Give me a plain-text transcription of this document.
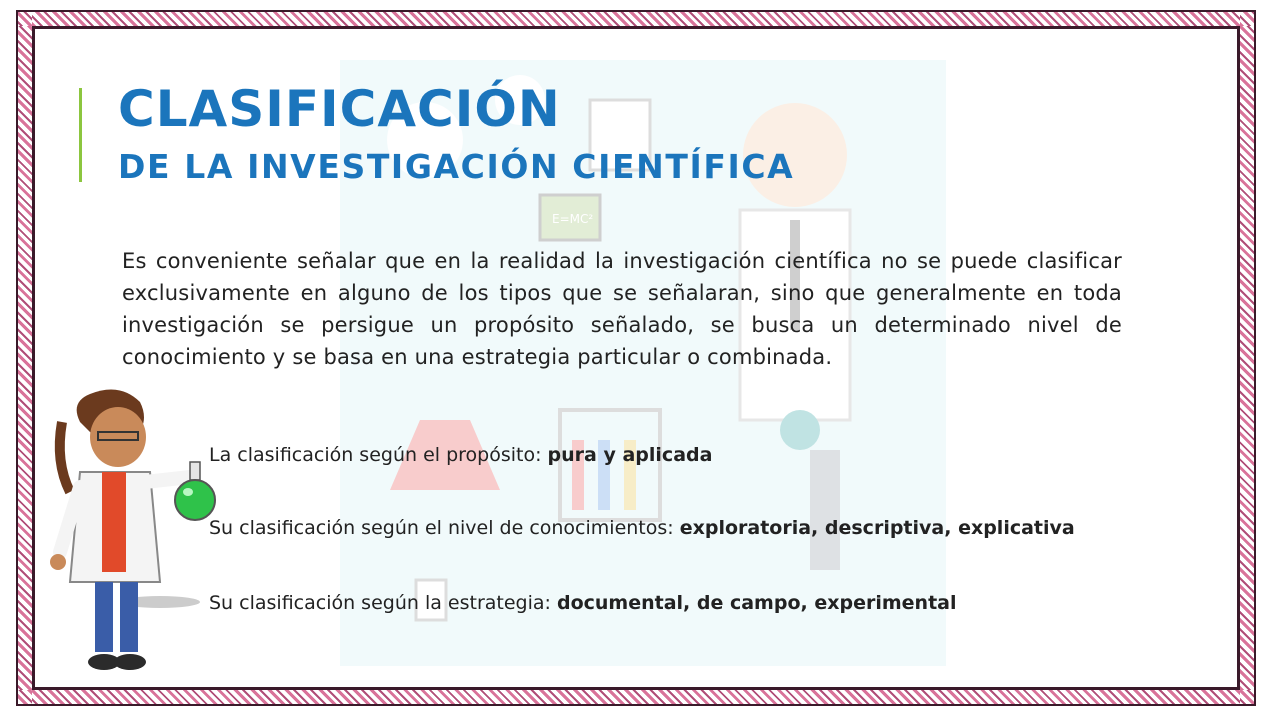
E=MC²
CLASIFICACIÓN
DE LA INVESTIGACIÓN CIENTÍFICA
Es conveniente señalar que en la realidad la investigación científica no se puede clasificar exclusivamente en alguno de los tipos que se señalaran, sino que generalmente en toda investigación se persigue un propósito señalado, se busca un determinado nivel de conocimiento y se basa en una estrategia particular o combinada.
La clasificación según el propósito: pura y aplicada
Su clasificación según el nivel de conocimientos: exploratoria, descriptiva, explicativa
Su clasificación según la estrategia: documental, de campo, experimental
